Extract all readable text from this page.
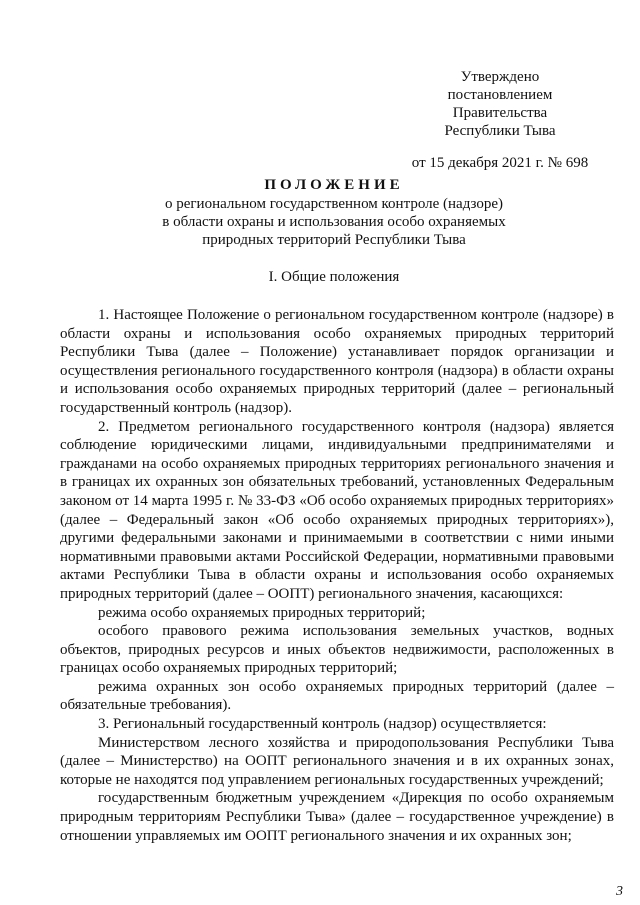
Утверждено
постановлением Правительства
Республики Тыва
от 15 декабря 2021 г. № 698
ПОЛОЖЕНИЕ
о региональном государственном контроле (надзоре)
в области охраны и использования особо охраняемых
природных территорий Республики Тыва
I. Общие положения

1. Настоящее Положение о региональном государственном контроле (надзоре) в области охраны и использования особо охраняемых природных территорий Республики Тыва (далее – Положение) устанавливает порядок организации и осуществления регионального государственного контроля (надзора) в области охраны и использования особо охраняемых природных территорий (далее – региональный государственный контроль (надзор).

2. Предметом регионального государственного контроля (надзора) является соблюдение юридическими лицами, индивидуальными предпринимателями и гражданами на особо охраняемых природных территориях регионального значения и в границах их охранных зон обязательных требований, установленных Федеральным законом от 14 марта 1995 г. № 33-ФЗ «Об особо охраняемых природных территориях» (далее – Федеральный закон «Об особо охраняемых природных территориях»), другими федеральными законами и принимаемыми в соответствии с ними иными нормативными правовыми актами Российской Федерации, нормативными правовыми актами Республики Тыва в области охраны и использования особо охраняемых природных территорий (далее – ООПТ) регионального значения, касающихся:

режима особо охраняемых природных территорий;

особого правового режима использования земельных участков, водных объектов, природных ресурсов и иных объектов недвижимости, расположенных в границах особо охраняемых природных территорий;

режима охранных зон особо охраняемых природных территорий (далее – обязательные требования).

3. Региональный государственный контроль (надзор) осуществляется:

Министерством лесного хозяйства и природопользования Республики Тыва (далее – Министерство) на ООПТ регионального значения и в их охранных зонах, которые не находятся под управлением региональных государственных учреждений;

государственным бюджетным учреждением «Дирекция по особо охраняемым природным территориям Республики Тыва» (далее – государственное учреждение) в отношении управляемых им ООПТ регионального значения и их охранных зон;

3
